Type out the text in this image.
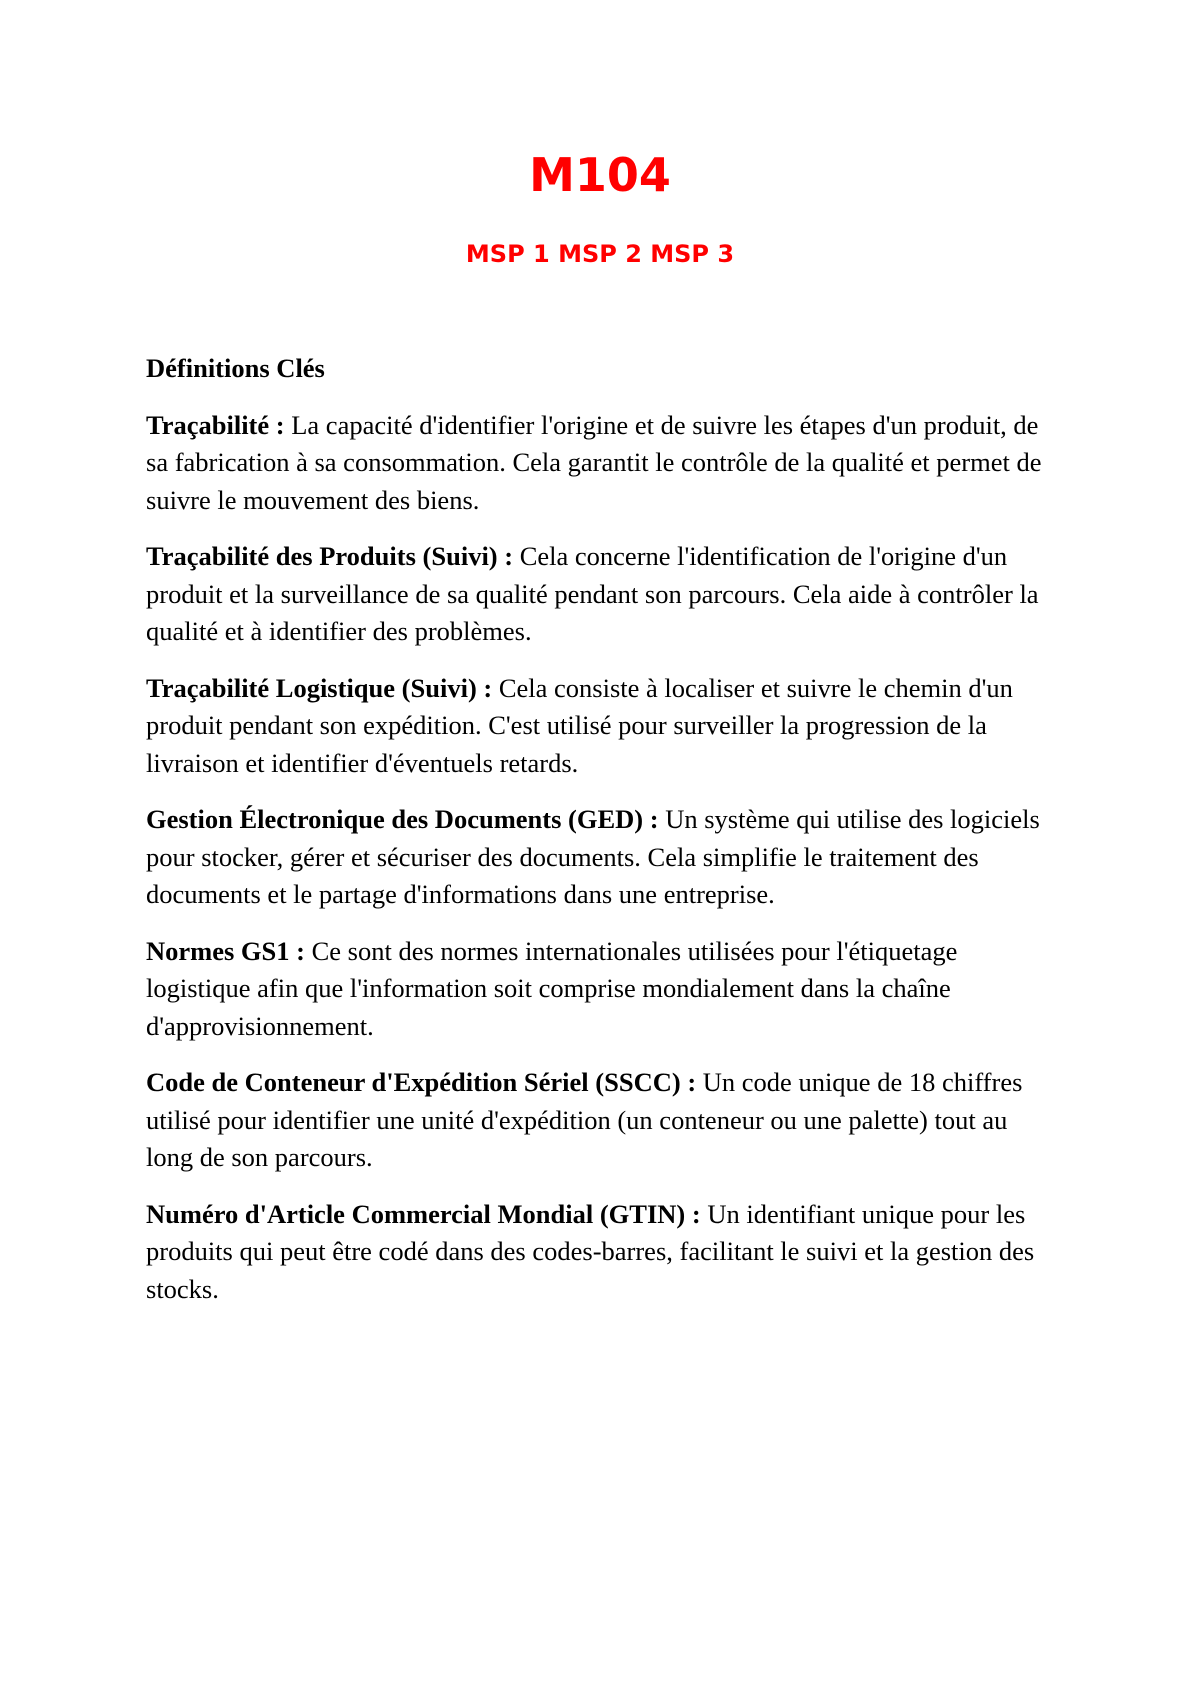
M104
MSP 1 MSP 2 MSP 3

Définitions Clés

Traçabilité : La capacité d'identifier l'origine et de suivre les étapes d'un produit, de sa fabrication à sa consommation. Cela garantit le contrôle de la qualité et permet de suivre le mouvement des biens.

Traçabilité des Produits (Suivi) : Cela concerne l'identification de l'origine d'un produit et la surveillance de sa qualité pendant son parcours. Cela aide à contrôler la qualité et à identifier des problèmes.

Traçabilité Logistique (Suivi) : Cela consiste à localiser et suivre le chemin d'un produit pendant son expédition. C'est utilisé pour surveiller la progression de la livraison et identifier d'éventuels retards.

Gestion Électronique des Documents (GED) : Un système qui utilise des logiciels pour stocker, gérer et sécuriser des documents. Cela simplifie le traitement des documents et le partage d'informations dans une entreprise.

Normes GS1 : Ce sont des normes internationales utilisées pour l'étiquetage logistique afin que l'information soit comprise mondialement dans la chaîne d'approvisionnement.

Code de Conteneur d'Expédition Sériel (SSCC) : Un code unique de 18 chiffres utilisé pour identifier une unité d'expédition (un conteneur ou une palette) tout au long de son parcours.

Numéro d'Article Commercial Mondial (GTIN) : Un identifiant unique pour les produits qui peut être codé dans des codes-barres, facilitant le suivi et la gestion des stocks.
